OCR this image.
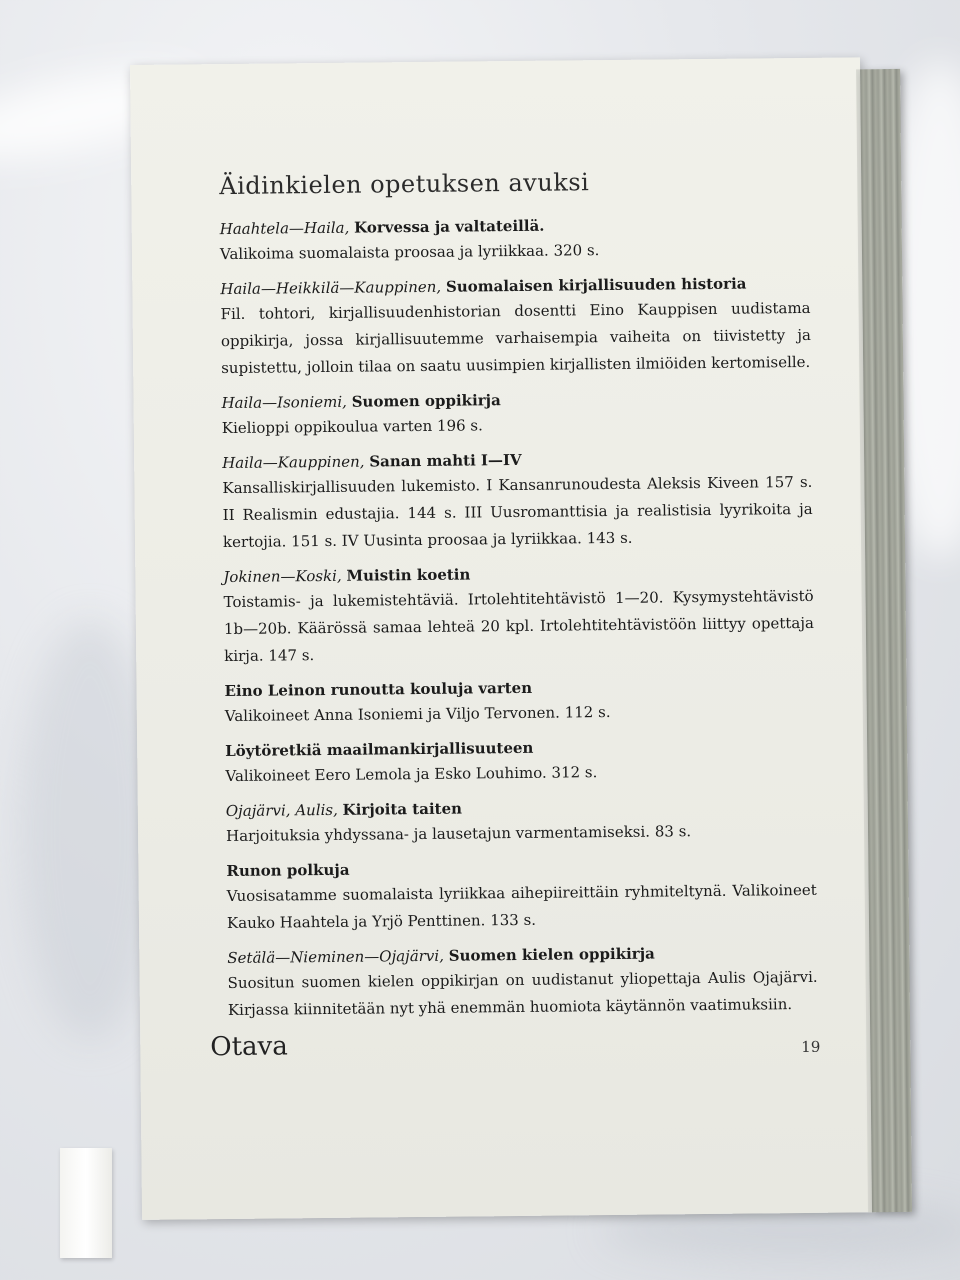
Äidinkielen opetuksen avuksi
Haahtela—Haila, Korvessa ja valtateillä.
Valikoima suomalaista proosaa ja lyriikkaa. 320 s.
Haila—Heikkilä—Kauppinen, Suomalaisen kirjallisuuden historia
Fil. tohtori, kirjallisuudenhistorian dosentti Eino Kauppisen uudistama oppikirja, jossa kirjallisuutemme varhaisempia vaiheita on tiivistetty ja supistettu, jolloin tilaa on saatu uusimpien kirjallisten ilmiöiden kertomiselle.
Haila—Isoniemi, Suomen oppikirja
Kielioppi oppikoulua varten 196 s.
Haila—Kauppinen, Sanan mahti I—IV
Kansalliskirjallisuuden lukemisto. I Kansanrunoudesta Aleksis Kiveen 157 s. II Realismin edustajia. 144 s. III Uusromanttisia ja realistisia lyyrikoita ja kertojia. 151 s. IV Uusinta proosaa ja lyriikkaa. 143 s.
Jokinen—Koski, Muistin koetin
Toistamis- ja lukemistehtäviä. Irtolehtitehtävistö 1—20. Kysymystehtävistö 1b—20b. Käärössä samaa lehteä 20 kpl. Irtolehtitehtävistöön liittyy opettaja kirja. 147 s.
Eino Leinon runoutta kouluja varten
Valikoineet Anna Isoniemi ja Viljo Tervonen. 112 s.
Löytöretkiä maailmankirjallisuuteen
Valikoineet Eero Lemola ja Esko Louhimo. 312 s.
Ojajärvi, Aulis, Kirjoita taiten
Harjoituksia yhdyssana- ja lausetajun varmentamiseksi. 83 s.
Runon polkuja
Vuosisatamme suomalaista lyriikkaa aihepiireittäin ryhmiteltynä. Valikoineet Kauko Haahtela ja Yrjö Penttinen. 133 s.
Setälä—Nieminen—Ojajärvi, Suomen kielen oppikirja
Suositun suomen kielen oppikirjan on uudistanut yliopettaja Aulis Ojajärvi. Kirjassa kiinnitetään nyt yhä enemmän huomiota käytännön vaatimuksiin.
Otava	19
